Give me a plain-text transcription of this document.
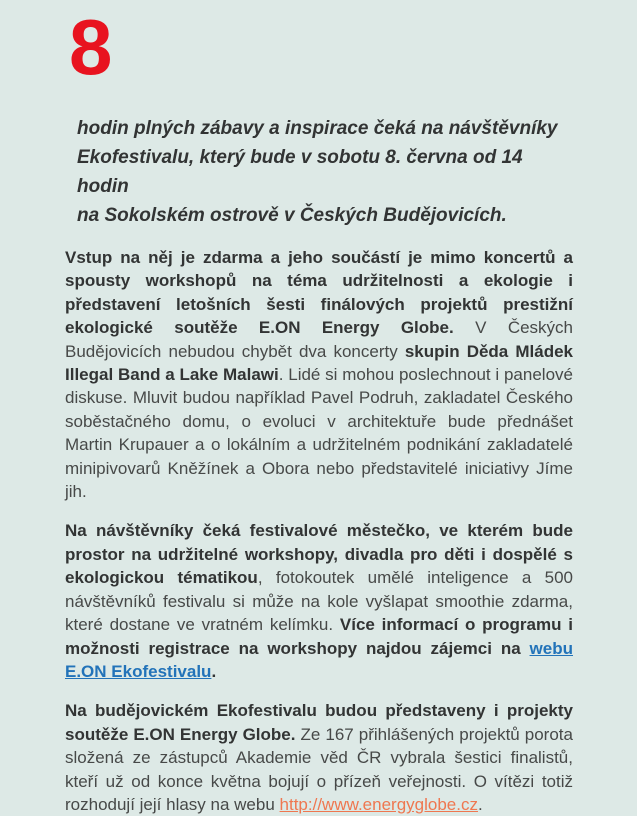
8
hodin plných zábavy a inspirace čeká na návštěvníky
Ekofestivalu, který bude v sobotu 8. června od 14 hodin
na Sokolském ostrově v Českých Budějovicích.

Vstup na něj je zdarma a jeho součástí je mimo koncertů a spousty workshopů na téma udržitelnosti a ekologie i představení letošních šesti finálových projektů prestižní ekologické soutěže E.ON Energy Globe. V Českých Budějovicích nebudou chybět dva koncerty skupin Děda Mládek Illegal Band a Lake Malawi. Lidé si mohou poslechnout i panelové diskuse. Mluvit budou například Pavel Podruh, zakladatel Českého soběstačného domu, o evoluci v architektuře bude přednášet Martin Krupauer a o lokálním a udržitelném podnikání zakladatelé minipivovarů Kněžínek a Obora nebo představitelé iniciativy Jíme jih.

Na návštěvníky čeká festivalové městečko, ve kterém bude prostor na udržitelné workshopy, divadla pro děti i dospělé s ekologickou tématikou, fotokoutek umělé inteligence a 500 návštěvníků festivalu si může na kole vyšlapat smoothie zdarma, které dostane ve vratném kelímku. Více informací o programu i možnosti registrace na workshopy najdou zájemci na webu E.ON Ekofestivalu.

Na budějovickém Ekofestivalu budou představeny i projekty soutěže E.ON Energy Globe. Ze 167 přihlášených projektů porota složená ze zástupců Akademie věd ČR vybrala šestici finalistů, kteří už od konce května bojují o přízeň veřejnosti. O vítězi totiž rozhodují její hlasy na webu http://www.energyglobe.cz.
